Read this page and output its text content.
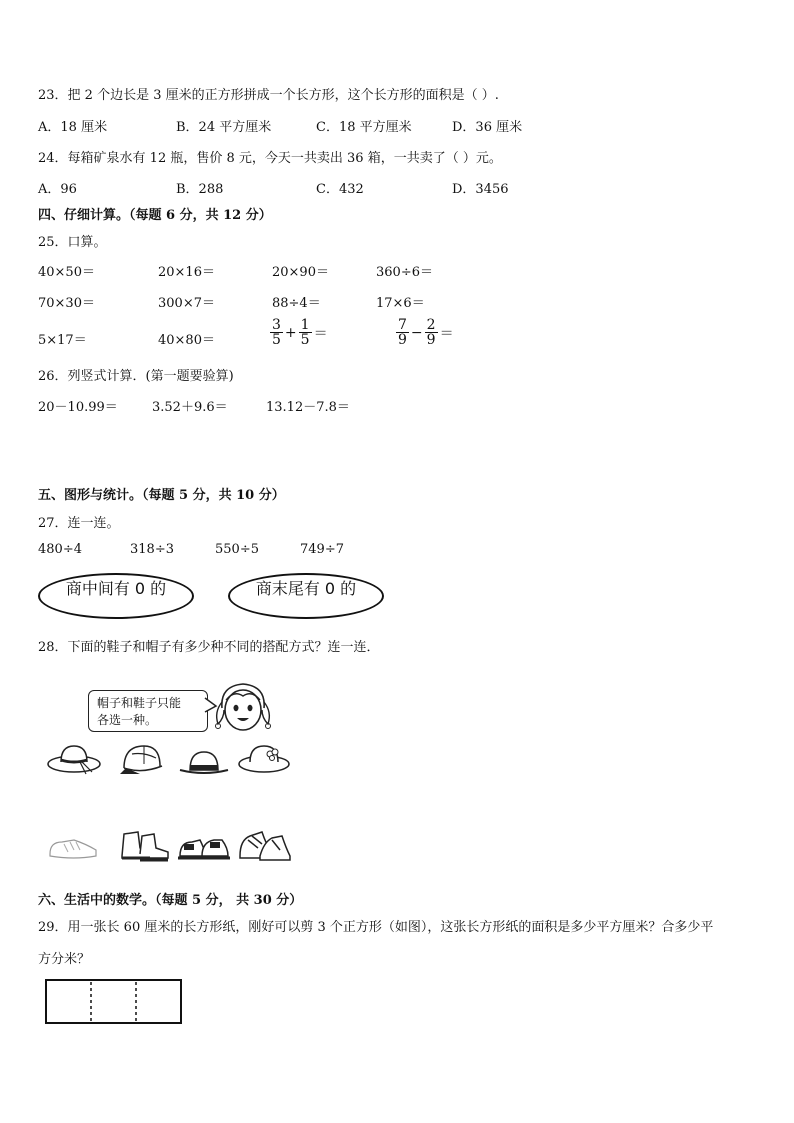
23．把 2 个边长是 3 厘米的正方形拼成一个长方形，这个长方形的面积是（ ）.
A．18 厘米	B．24 平方厘米	C．18 平方厘米	D．36 厘米
24．每箱矿泉水有 12 瓶，售价 8 元，今天一共卖出 36 箱，一共卖了（ ）元。
A．96	B．288	C．432	D．3456
四、仔细计算。（每题 6 分，共 12 分）
25．口算。
40×50＝	20×16＝	20×90＝	360÷6＝
70×30＝	300×7＝	88÷4＝	17×6＝
5×17＝	40×80＝	$\frac{3}{5} + \frac{1}{5}$ ＝	$\frac{7}{9} - \frac{2}{9}$ ＝
26．列竖式计算．(第一题要验算)
20－10.99＝	3.52＋9.6＝	13.12－7.8＝
五、图形与统计。（每题 5 分，共 10 分）
27．连一连。
480÷4	318÷3	550÷5	749÷7
商中间有 0 的	商末尾有 0 的
28．下面的鞋子和帽子有多少种不同的搭配方式？连一连．
帽子和鞋子只能
各选一种。
六、生活中的数学。（每题 5 分， 共 30 分）
29．用一张长 60 厘米的长方形纸，刚好可以剪 3 个正方形（如图），这张长方形纸的面积是多少平方厘米？合多少平
方分米？
